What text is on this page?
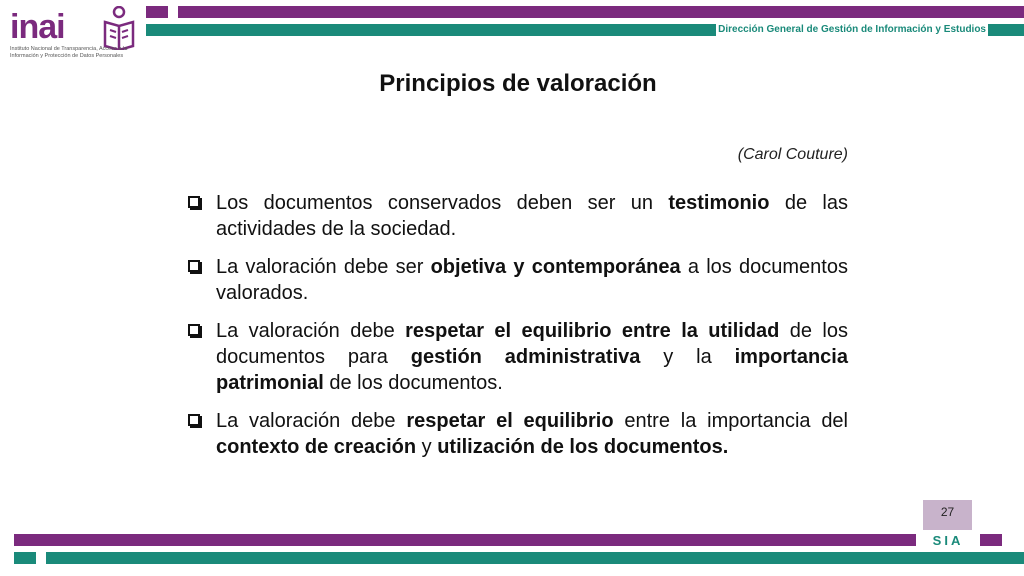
inai
Instituto Nacional de Transparencia, Acceso a la Información y Protección de Datos Personales
Dirección General de Gestión de Información y Estudios
Principios de valoración
(Carol Couture)
Los documentos conservados deben ser un testimonio de las actividades de la sociedad.
La valoración debe ser objetiva y contemporánea a los documentos valorados.
La valoración debe respetar el equilibrio entre la utilidad de los documentos para gestión administrativa y la importancia patrimonial de los documentos.
La valoración debe respetar el equilibrio entre la importancia del contexto de creación y utilización de los documentos.
27
SIA
